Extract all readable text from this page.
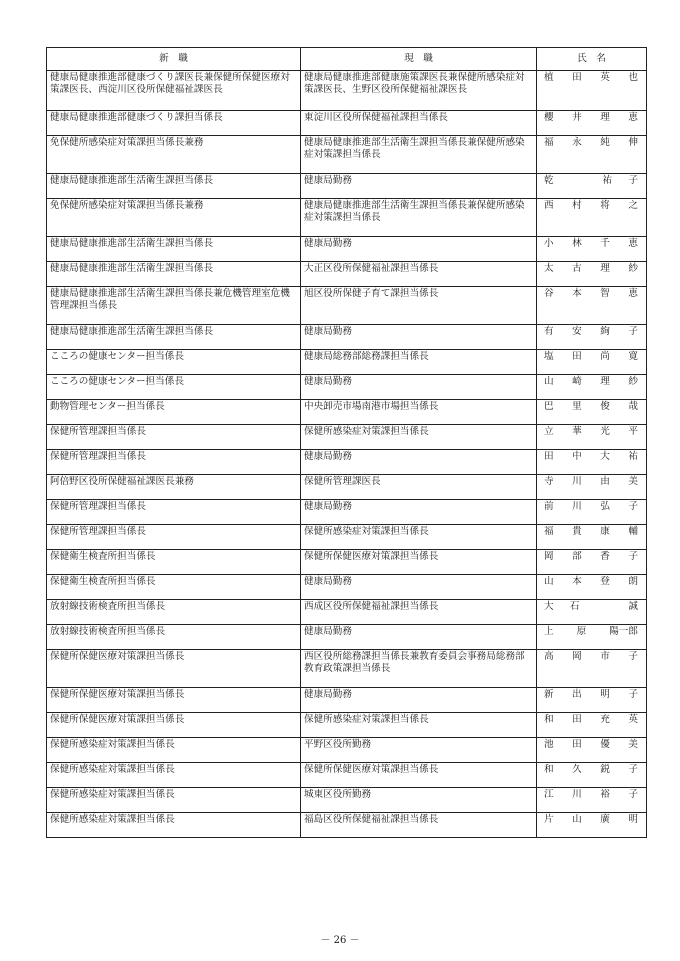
新　職	現　職	氏　名
健康局健康推進部健康づくり課医長兼保健所保健医療対策課医長、西淀川区役所保健福祉課医長	健康局健康推進部健康施策課医長兼保健所感染症対策課医長、生野区役所保健福祉課医長	植 田 英 也

健康局健康推進部健康づくり課担当係長	東淀川区役所保健福祉課担当係長	櫻 井 理 恵

免保健所感染症対策課担当係長兼務	健康局健康推進部生活衛生課担当係長兼保健所感染症対策課担当係長	福 永 純 伸

健康局健康推進部生活衛生課担当係長	健康局勤務	乾 祐 子

免保健所感染症対策課担当係長兼務	健康局健康推進部生活衛生課担当係長兼保健所感染症対策課担当係長	西 村 将 之

健康局健康推進部生活衛生課担当係長	健康局勤務	小 林 千 恵

健康局健康推進部生活衛生課担当係長	大正区役所保健福祉課担当係長	太 古 理 紗

健康局健康推進部生活衛生課担当係長兼危機管理室危機管理課担当係長	旭区役所保健子育て課担当係長	谷 本 智 恵

健康局健康推進部生活衛生課担当係長	健康局勤務	有 安 絢 子

こころの健康センター担当係長	健康局総務部総務課担当係長	塩 田 尚 寛

こころの健康センター担当係長	健康局勤務	山 崎 理 紗

動物管理センター担当係長	中央卸売市場南港市場担当係長	巴 里 俊 哉

保健所管理課担当係長	保健所感染症対策課担当係長	立 華 光 平

保健所管理課担当係長	健康局勤務	田 中 大 祐

阿倍野区役所保健福祉課医長兼務	保健所管理課医長	寺 川 由 美

保健所管理課担当係長	健康局勤務	前 川 弘 子

保健所管理課担当係長	保健所感染症対策課担当係長	福 貴 康 輔

保健衛生検査所担当係長	保健所保健医療対策課担当係長	岡 部 香 子

保健衛生検査所担当係長	健康局勤務	山 本 登 朗

放射線技術検査所担当係長	西成区役所保健福祉課担当係長	大 石 誠

放射線技術検査所担当係長	健康局勤務	上 原 陽一郎

保健所保健医療対策課担当係長	西区役所総務課担当係長兼教育委員会事務局総務部教育政策課担当係長	高 岡 市 子

保健所保健医療対策課担当係長	健康局勤務	新 出 明 子

保健所保健医療対策課担当係長	保健所感染症対策課担当係長	和 田 充 英

保健所感染症対策課担当係長	平野区役所勤務	池 田 優 美

保健所感染症対策課担当係長	保健所保健医療対策課担当係長	和 久 鋭 子

保健所感染症対策課担当係長	城東区役所勤務	江 川 裕 子

保健所感染症対策課担当係長	福島区役所保健福祉課担当係長	片 山 廣 明
－ 26 －
